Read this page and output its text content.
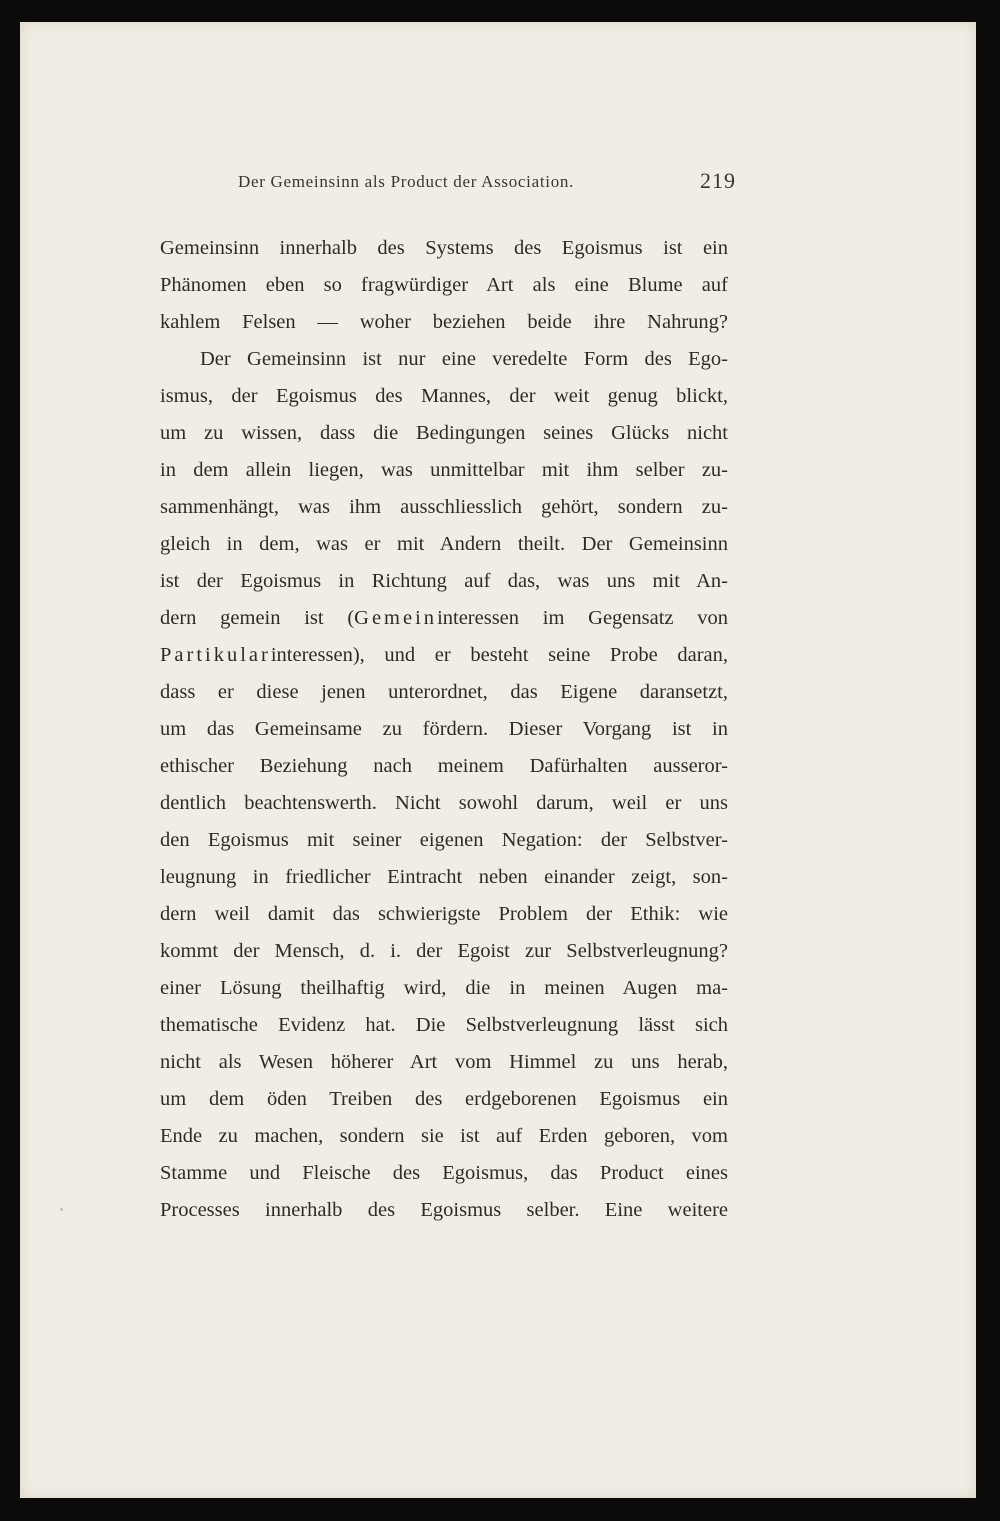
Der Gemeinsinn als Product der Association.	219
Gemeinsinn innerhalb des Systems des Egoismus ist ein
Phänomen eben so fragwürdiger Art als eine Blume auf
kahlem Felsen — woher beziehen beide ihre Nahrung?
Der Gemeinsinn ist nur eine veredelte Form des Ego-
ismus, der Egoismus des Mannes, der weit genug blickt,
um zu wissen, dass die Bedingungen seines Glücks nicht
in dem allein liegen, was unmittelbar mit ihm selber zu-
sammenhängt, was ihm ausschliesslich gehört, sondern zu-
gleich in dem, was er mit Andern theilt. Der Gemeinsinn
ist der Egoismus in Richtung auf das, was uns mit An-
dern gemein ist (Gemeininteressen im Gegensatz von
Partikularinteressen), und er besteht seine Probe daran,
dass er diese jenen unterordnet, das Eigene daransetzt,
um das Gemeinsame zu fördern. Dieser Vorgang ist in
ethischer Beziehung nach meinem Dafürhalten ausseror-
dentlich beachtenswerth. Nicht sowohl darum, weil er uns
den Egoismus mit seiner eigenen Negation: der Selbstver-
leugnung in friedlicher Eintracht neben einander zeigt, son-
dern weil damit das schwierigste Problem der Ethik: wie
kommt der Mensch, d. i. der Egoist zur Selbstverleugnung?
einer Lösung theilhaftig wird, die in meinen Augen ma-
thematische Evidenz hat. Die Selbstverleugnung lässt sich
nicht als Wesen höherer Art vom Himmel zu uns herab,
um dem öden Treiben des erdgeborenen Egoismus ein
Ende zu machen, sondern sie ist auf Erden geboren, vom
Stamme und Fleische des Egoismus, das Product eines
Processes innerhalb des Egoismus selber. Eine weitere
